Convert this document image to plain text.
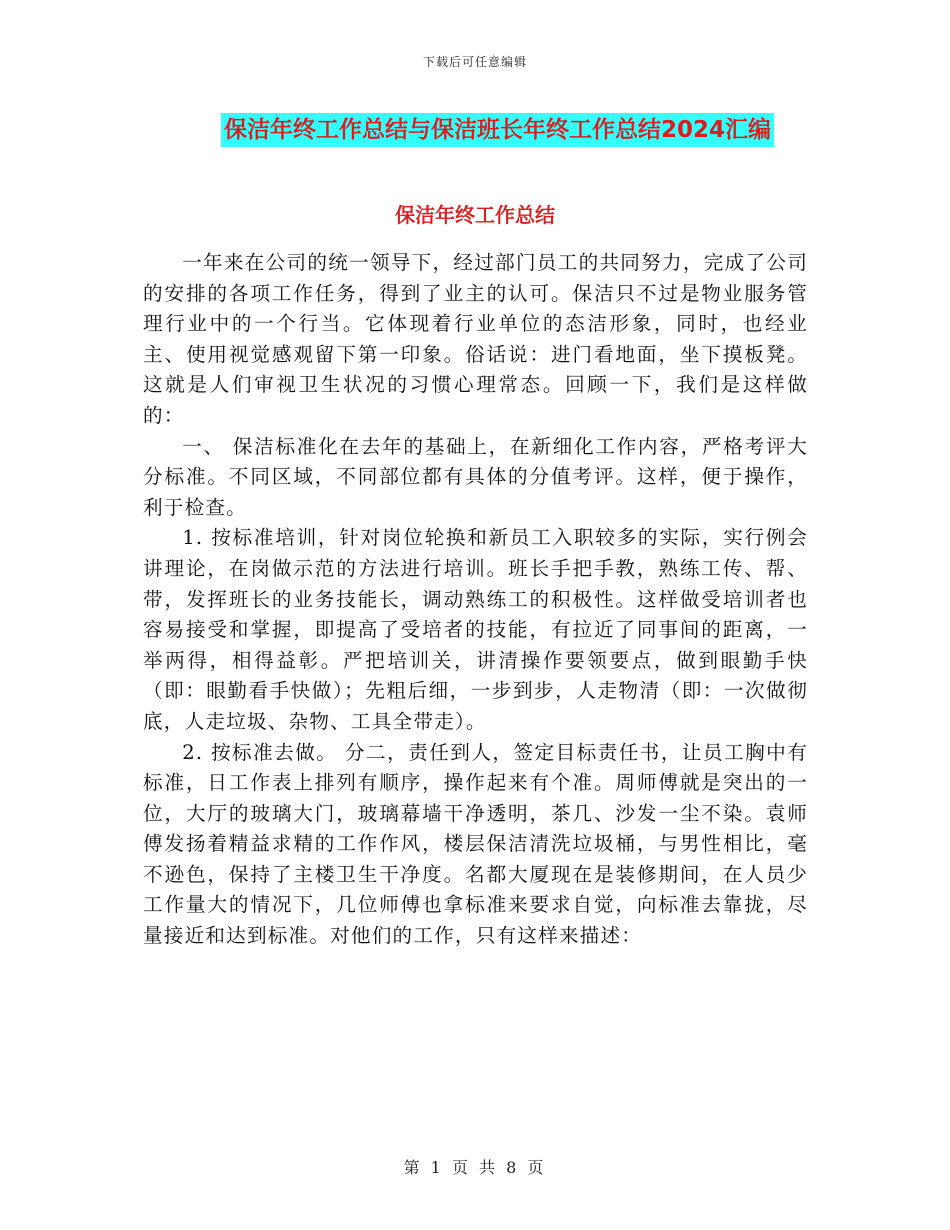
下载后可任意编辑
保洁年终工作总结与保洁班长年终工作总结2024汇编
保洁年终工作总结

一年来在公司的统一领导下，经过部门员工的共同努力，完成了公司的安排的各项工作任务，得到了业主的认可。保洁只不过是物业服务管理行业中的一个行当。它体现着行业单位的态洁形象，同时，也经业主、使用视觉感观留下第一印象。俗话说：进门看地面，坐下摸板凳。这就是人们审视卫生状况的习惯心理常态。回顾一下，我们是这样做的：

一、 保洁标准化在去年的基础上，在新细化工作内容，严格考评大分标准。不同区域，不同部位都有具体的分值考评。这样，便于操作，利于检查。

1. 按标准培训，针对岗位轮换和新员工入职较多的实际，实行例会讲理论，在岗做示范的方法进行培训。班长手把手教，熟练工传、帮、带，发挥班长的业务技能长，调动熟练工的积极性。这样做受培训者也容易接受和掌握，即提高了受培者的技能，有拉近了同事间的距离，一举两得，相得益彰。严把培训关，讲清操作要领要点，做到眼勤手快（即：眼勤看手快做）；先粗后细，一步到步，人走物清（即：一次做彻底，人走垃圾、杂物、工具全带走）。

2. 按标准去做。 分二，责任到人，签定目标责任书，让员工胸中有标准，日工作表上排列有顺序，操作起来有个准。周师傅就是突出的一位，大厅的玻璃大门，玻璃幕墙干净透明，茶几、沙发一尘不染。袁师傅发扬着精益求精的工作作风，楼层保洁清洗垃圾桶，与男性相比，毫不逊色，保持了主楼卫生干净度。名都大厦现在是装修期间，在人员少工作量大的情况下，几位师傅也拿标准来要求自觉，向标准去靠拢，尽量接近和达到标准。对他们的工作，只有这样来描述：

第 1 页 共 8 页
